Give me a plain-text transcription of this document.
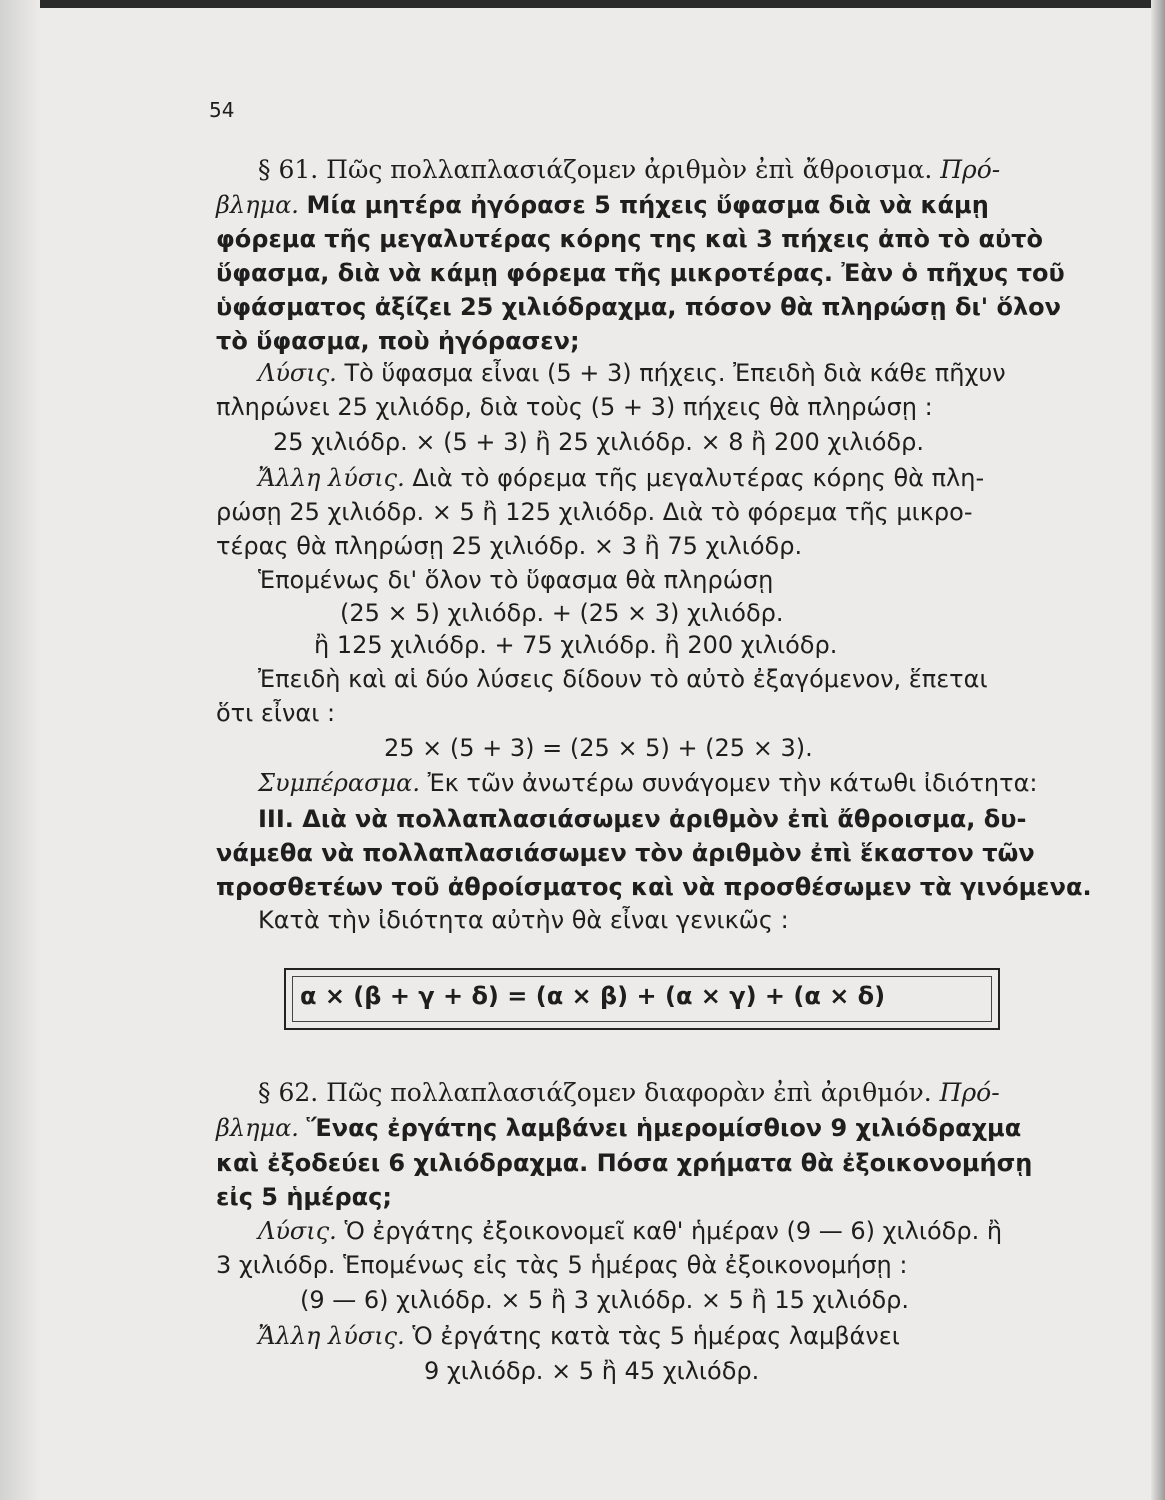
54
§ 61. Πῶς πολλαπλασιάζομεν ἀριθμὸν ἐπὶ ἄθροισμα. Πρό-
βλημα. Μία μητέρα ἠγόρασε 5 πήχεις ὕφασμα διὰ νὰ κάμῃ
φόρεμα τῆς μεγαλυτέρας κόρης της καὶ 3 πήχεις ἀπὸ τὸ αὐτὸ
ὕφασμα, διὰ νὰ κάμῃ φόρεμα τῆς μικροτέρας. Ἐὰν ὁ πῆχυς τοῦ
ὑφάσματος ἀξίζει 25 χιλιόδραχμα, πόσον θὰ πληρώσῃ δι' ὅλον
τὸ ὕφασμα, ποὺ ἠγόρασεν;
Λύσις. Τὸ ὕφασμα εἶναι (5 + 3) πήχεις. Ἐπειδὴ διὰ κάθε πῆχυν
πληρώνει 25 χιλιόδρ, διὰ τοὺς (5 + 3) πήχεις θὰ πληρώσῃ :
25 χιλιόδρ. × (5 + 3) ἢ 25 χιλιόδρ. × 8 ἢ 200 χιλιόδρ.
Ἄλλη λύσις. Διὰ τὸ φόρεμα τῆς μεγαλυτέρας κόρης θὰ πλη-
ρώσῃ 25 χιλιόδρ. × 5 ἢ 125 χιλιόδρ. Διὰ τὸ φόρεμα τῆς μικρο-
τέρας θὰ πληρώσῃ 25 χιλιόδρ. × 3 ἢ 75 χιλιόδρ.
Ἑπομένως δι' ὅλον τὸ ὕφασμα θὰ πληρώσῃ
(25 × 5) χιλιόδρ. + (25 × 3) χιλιόδρ.
ἢ 125 χιλιόδρ. + 75 χιλιόδρ. ἢ 200 χιλιόδρ.
Ἐπειδὴ καὶ αἱ δύο λύσεις δίδουν τὸ αὐτὸ ἐξαγόμενον, ἕπεται
ὅτι εἶναι :
25 × (5 + 3) = (25 × 5) + (25 × 3).
Συμπέρασμα. Ἐκ τῶν ἀνωτέρω συνάγομεν τὴν κάτωθι ἰδιότητα:
ΙΙΙ. Διὰ νὰ πολλαπλασιάσωμεν ἀριθμὸν ἐπὶ ἄθροισμα, δυ-
νάμεθα νὰ πολλαπλασιάσωμεν τὸν ἀριθμὸν ἐπὶ ἕκαστον τῶν
προσθετέων τοῦ ἀθροίσματος καὶ νὰ προσθέσωμεν τὰ γινόμενα.
Κατὰ τὴν ἰδιότητα αὐτὴν θὰ εἶναι γενικῶς :
α × (β + γ + δ) = (α × β) + (α × γ) + (α × δ)
§ 62. Πῶς πολλαπλασιάζομεν διαφορὰν ἐπὶ ἀριθμόν. Πρό-
βλημα. Ἕνας ἐργάτης λαμβάνει ἡμερομίσθιον 9 χιλιόδραχμα
καὶ ἐξοδεύει 6 χιλιόδραχμα. Πόσα χρήματα θὰ ἐξοικονομήσῃ
εἰς 5 ἡμέρας;
Λύσις. Ὁ ἐργάτης ἐξοικονομεῖ καθ' ἡμέραν (9 — 6) χιλιόδρ. ἢ
3 χιλιόδρ. Ἑπομένως εἰς τὰς 5 ἡμέρας θὰ ἐξοικονομήσῃ :
(9 — 6) χιλιόδρ. × 5 ἢ 3 χιλιόδρ. × 5 ἢ 15 χιλιόδρ.
Ἄλλη λύσις. Ὁ ἐργάτης κατὰ τὰς 5 ἡμέρας λαμβάνει
9 χιλιόδρ. × 5 ἢ 45 χιλιόδρ.
